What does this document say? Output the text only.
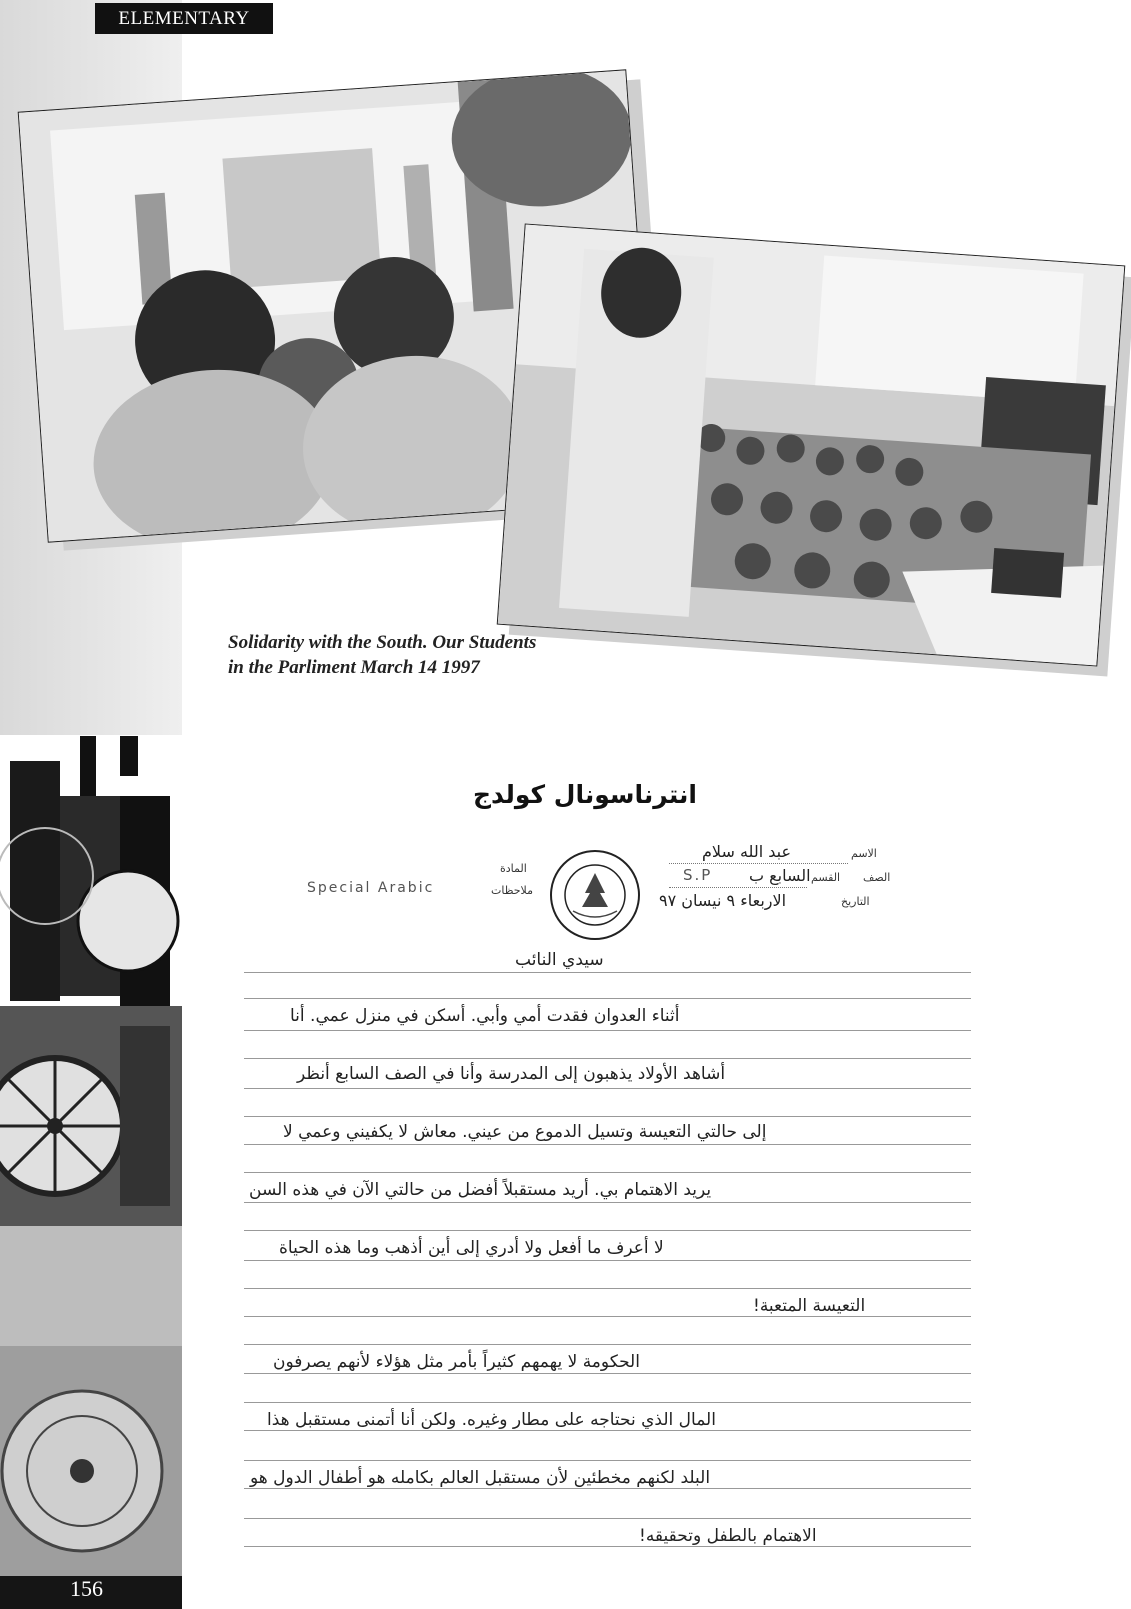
ELEMENTARY
Solidarity with the South. Our Students
in the Parliment March 14 1997
156
انترناسونال كولدج
الاسم
الصف
القسم
التاريخ
المادة
ملاحظات
عبد الله سلام
السابع ب
S.P
الاربعاء ٩ نيسان ٩٧
Special Arabic
سيدي النائب
أثناء العدوان فقدت أمي وأبي. أسكن في منزل عمي. أنا
أشاهد الأولاد يذهبون إلى المدرسة وأنا في الصف السابع أنظر
إلى حالتي التعيسة وتسيل الدموع من عيني. معاش لا يكفيني وعمي لا
يريد الاهتمام بي. أريد مستقبلاً أفضل من حالتي الآن في هذه السن
لا أعرف ما أفعل ولا أدري إلى أين أذهب وما هذه الحياة
التعيسة المتعبة!
الحكومة لا يهمهم كثيراً بأمر مثل هؤلاء لأنهم يصرفون
المال الذي نحتاجه على مطار وغيره. ولكن أنا أتمنى مستقبل هذا
البلد لكنهم مخطئين لأن مستقبل العالم بكامله هو أطفال الدول هو
الاهتمام بالطفل وتحقيقه!
